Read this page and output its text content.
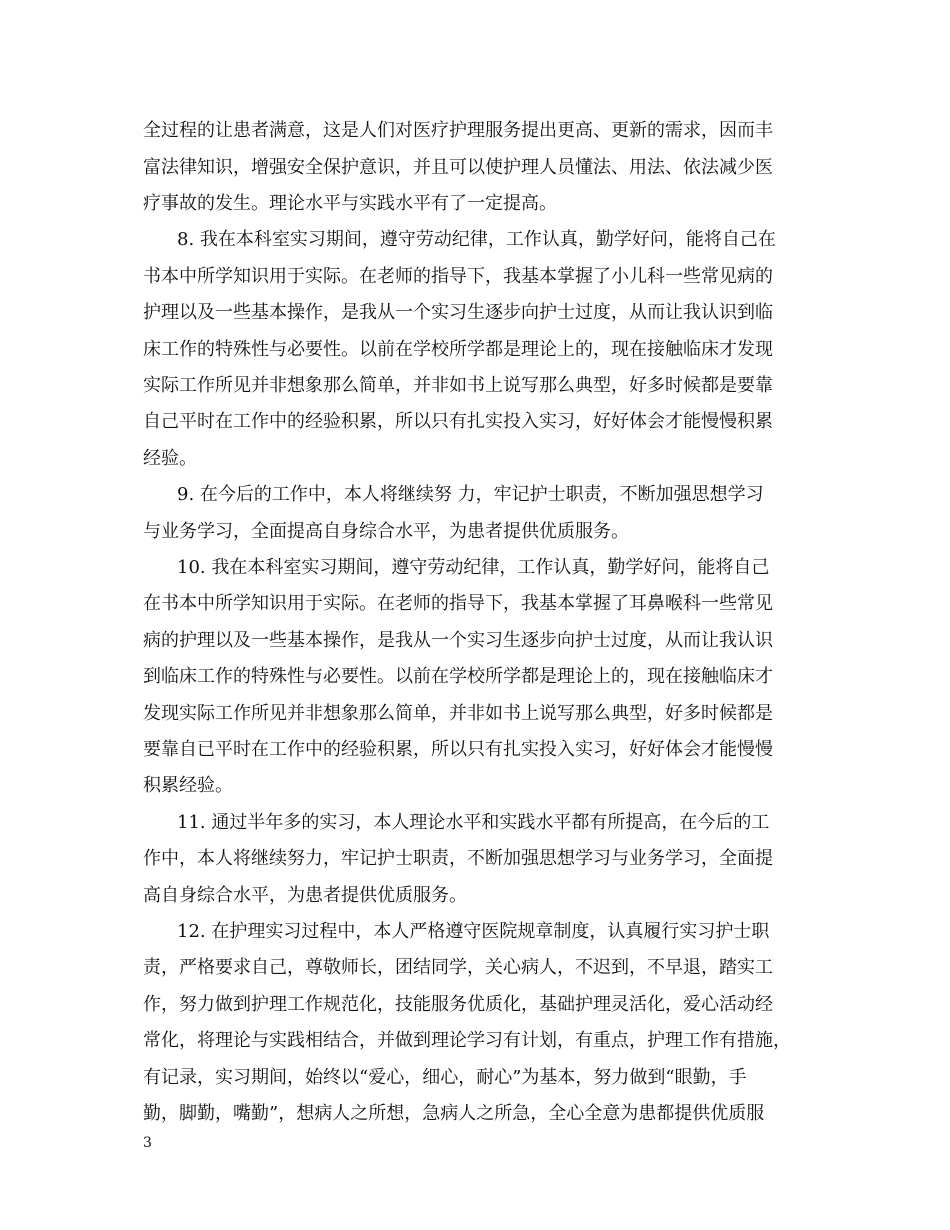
全过程的让患者满意，这是人们对医疗护理服务提出更高、更新的需求，因而丰
富法律知识，增强安全保护意识，并且可以使护理人员懂法、用法、依法减少医
疗事故的发生。理论水平与实践水平有了一定提高。
8. 我在本科室实习期间，遵守劳动纪律，工作认真，勤学好问，能将自己在
书本中所学知识用于实际。在老师的指导下，我基本掌握了小儿科一些常见病的
护理以及一些基本操作，是我从一个实习生逐步向护士过度，从而让我认识到临
床工作的特殊性与必要性。以前在学校所学都是理论上的，现在接触临床才发现
实际工作所见并非想象那么简单，并非如书上说写那么典型，好多时候都是要靠
自己平时在工作中的经验积累，所以只有扎实投入实习，好好体会才能慢慢积累
经验。
9. 在今后的工作中，本人将继续努 力，牢记护士职责，不断加强思想学习
与业务学习，全面提高自身综合水平，为患者提供优质服务。
10. 我在本科室实习期间，遵守劳动纪律，工作认真，勤学好问，能将自己
在书本中所学知识用于实际。在老师的指导下，我基本掌握了耳鼻喉科一些常见
病的护理以及一些基本操作，是我从一个实习生逐步向护士过度，从而让我认识
到临床工作的特殊性与必要性。以前在学校所学都是理论上的，现在接触临床才
发现实际工作所见并非想象那么简单，并非如书上说写那么典型，好多时候都是
要靠自已平时在工作中的经验积累，所以只有扎实投入实习，好好体会才能慢慢
积累经验。
11. 通过半年多的实习，本人理论水平和实践水平都有所提高，在今后的工
作中，本人将继续努力，牢记护士职责，不断加强思想学习与业务学习，全面提
高自身综合水平，为患者提供优质服务。
12. 在护理实习过程中，本人严格遵守医院规章制度，认真履行实习护士职
责，严格要求自己，尊敬师长，团结同学，关心病人，不迟到，不早退，踏实工
作，努力做到护理工作规范化，技能服务优质化，基础护理灵活化，爱心活动经
常化，将理论与实践相结合，并做到理论学习有计划，有重点，护理工作有措施，
有记录，实习期间，始终以“爱心，细心，耐心”为基本，努力做到“眼勤，手
勤，脚勤，嘴勤”，想病人之所想，急病人之所急，全心全意为患都提供优质服
3
